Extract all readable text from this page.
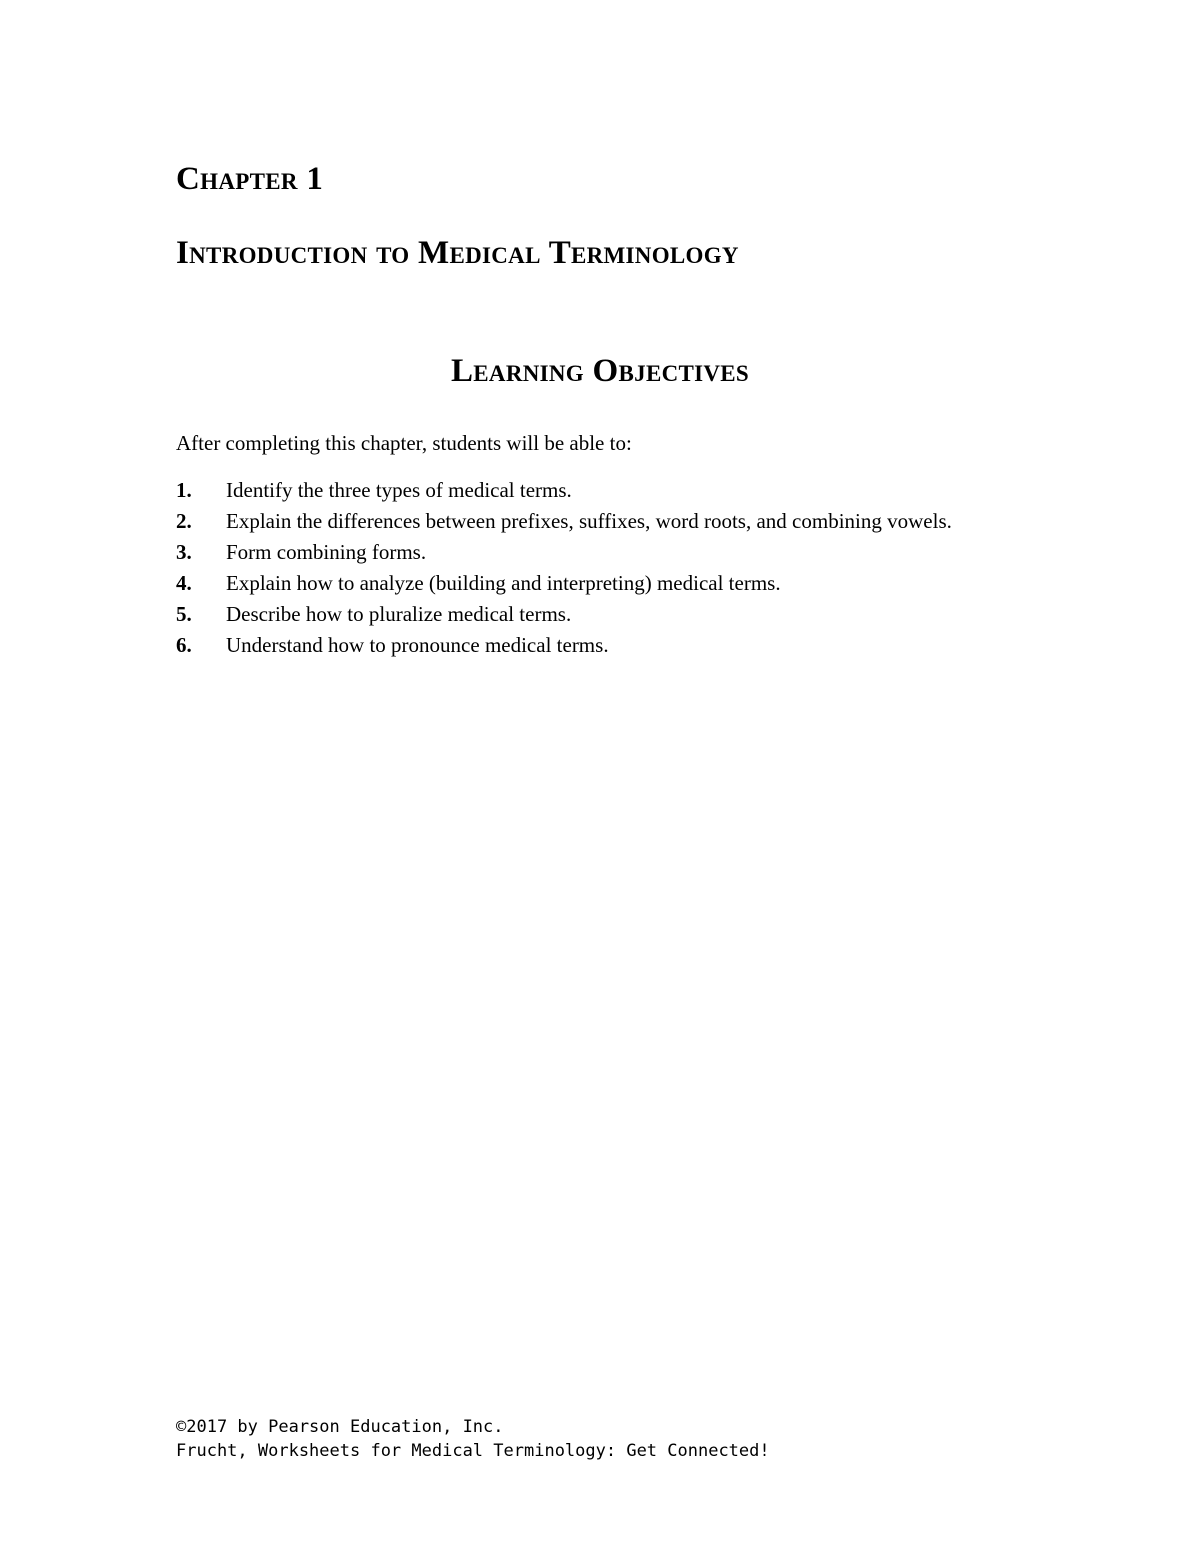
Chapter 1
Introduction to Medical Terminology
Learning Objectives

After completing this chapter, students will be able to:

1. Identify the three types of medical terms.
2. Explain the differences between prefixes, suffixes, word roots, and combining vowels.
3. Form combining forms.
4. Explain how to analyze (building and interpreting) medical terms.
5. Describe how to pluralize medical terms.
6. Understand how to pronounce medical terms.
©2017 by Pearson Education, Inc.
Frucht, Worksheets for Medical Terminology: Get Connected!
